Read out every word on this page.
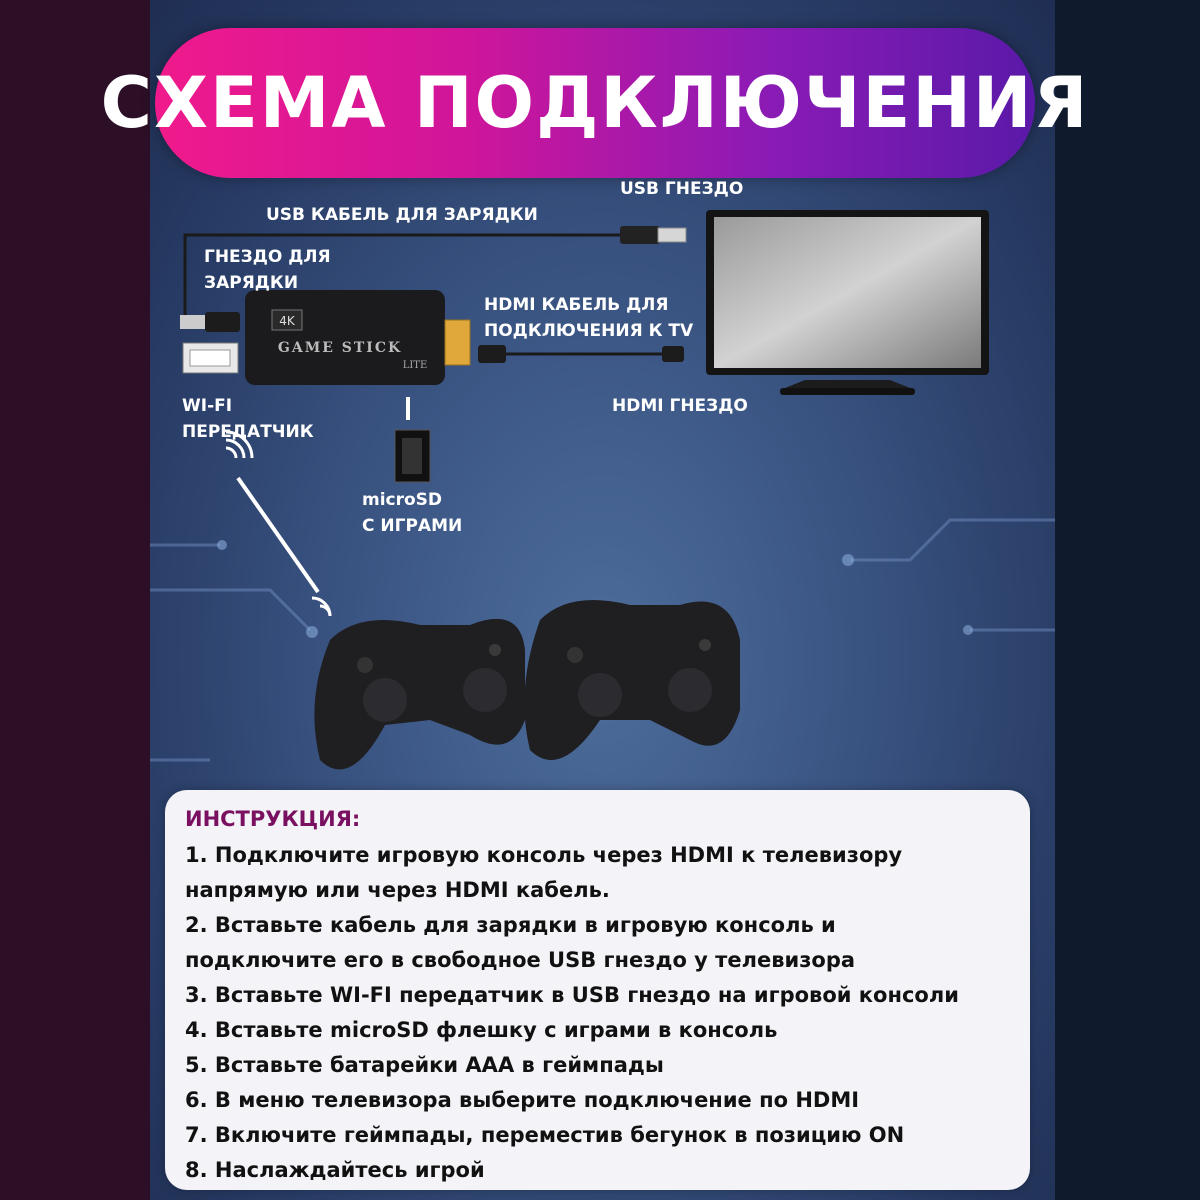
СХЕМА ПОДКЛЮЧЕНИЯ
4K
GAME STICK
LITE
USB ГНЕЗДО
USB КАБЕЛЬ ДЛЯ ЗАРЯДКИ
ГНЕЗДО ДЛЯ
ЗАРЯДКИ
HDMI КАБЕЛЬ ДЛЯ
ПОДКЛЮЧЕНИЯ К TV
HDMI ГНЕЗДО
WI-FI
ПЕРЕДАТЧИК
microSD
С ИГРАМИ
ИНСТРУКЦИЯ:
1. Подключите игровую консоль через HDMI к телевизору
напрямую или через HDMI кабель.
2. Вставьте кабель для зарядки в игровую консоль и
подключите его в свободное USB гнездо у телевизора
3. Вставьте WI-FI передатчик в USB гнездо на игровой консоли
4. Вставьте microSD флешку с играми в консоль
5. Вставьте батарейки AAA в геймпады
6. В меню телевизора выберите подключение по HDMI
7. Включите геймпады, переместив бегунок в позицию ON
8. Наслаждайтесь игрой
